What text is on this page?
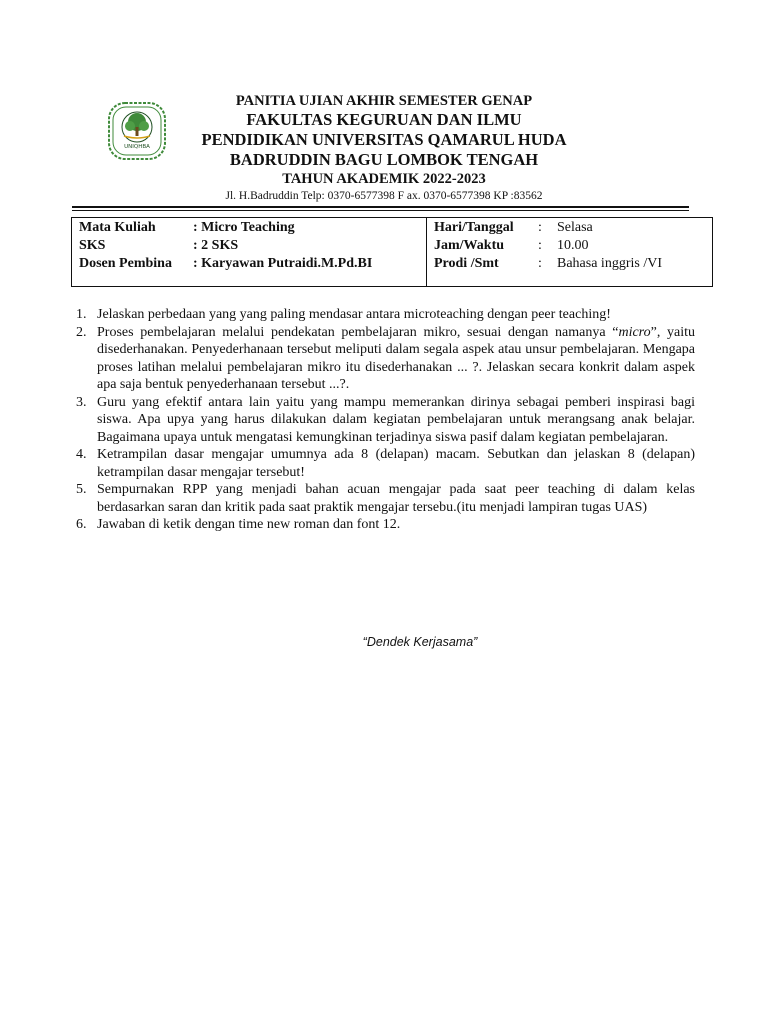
UNIQHBA
PANITIA UJIAN AKHIR SEMESTER GENAP
FAKULTAS KEGURUAN DAN ILMU
PENDIDIKAN UNIVERSITAS QAMARUL HUDA
BADRUDDIN BAGU LOMBOK TENGAH
TAHUN AKADEMIK 2022-2023
Jl. H.Badruddin Telp: 0370-6577398 F ax. 0370-6577398 KP :83562
Mata Kuliah	: Micro Teaching
SKS	: 2 SKS
Dosen Pembina	: Karyawan Putraidi.M.Pd.BI
Hari/Tanggal	:	Selasa
Jam/Waktu	:	10.00
Prodi /Smt	:	Bahasa inggris /VI
1. Jelaskan perbedaan yang yang paling mendasar antara microteaching dengan peer teaching!
2. Proses pembelajaran melalui pendekatan pembelajaran mikro, sesuai dengan namanya “micro”, yaitu disederhanakan. Penyederhanaan tersebut meliputi dalam segala aspek atau unsur pembelajaran. Mengapa proses latihan melalui pembelajaran mikro itu disederhanakan ... ?. Jelaskan secara konkrit dalam aspek apa saja bentuk penyederhanaan tersebut ...?.
3. Guru yang efektif antara lain yaitu yang mampu memerankan dirinya sebagai pemberi inspirasi bagi siswa. Apa upya yang harus dilakukan dalam kegiatan pembelajaran untuk merangsang anak belajar. Bagaimana upaya untuk mengatasi kemungkinan terjadinya siswa pasif dalam kegiatan pembelajaran.
4. Ketrampilan dasar mengajar umumnya ada 8 (delapan) macam. Sebutkan dan jelaskan 8 (delapan) ketrampilan dasar mengajar tersebut!
5. Sempurnakan RPP yang menjadi bahan acuan mengajar pada saat peer teaching di dalam kelas berdasarkan saran dan kritik pada saat praktik mengajar tersebu.(itu menjadi lampiran tugas UAS)
6. Jawaban di ketik dengan time new roman dan font 12.
“Dendek Kerjasama”
